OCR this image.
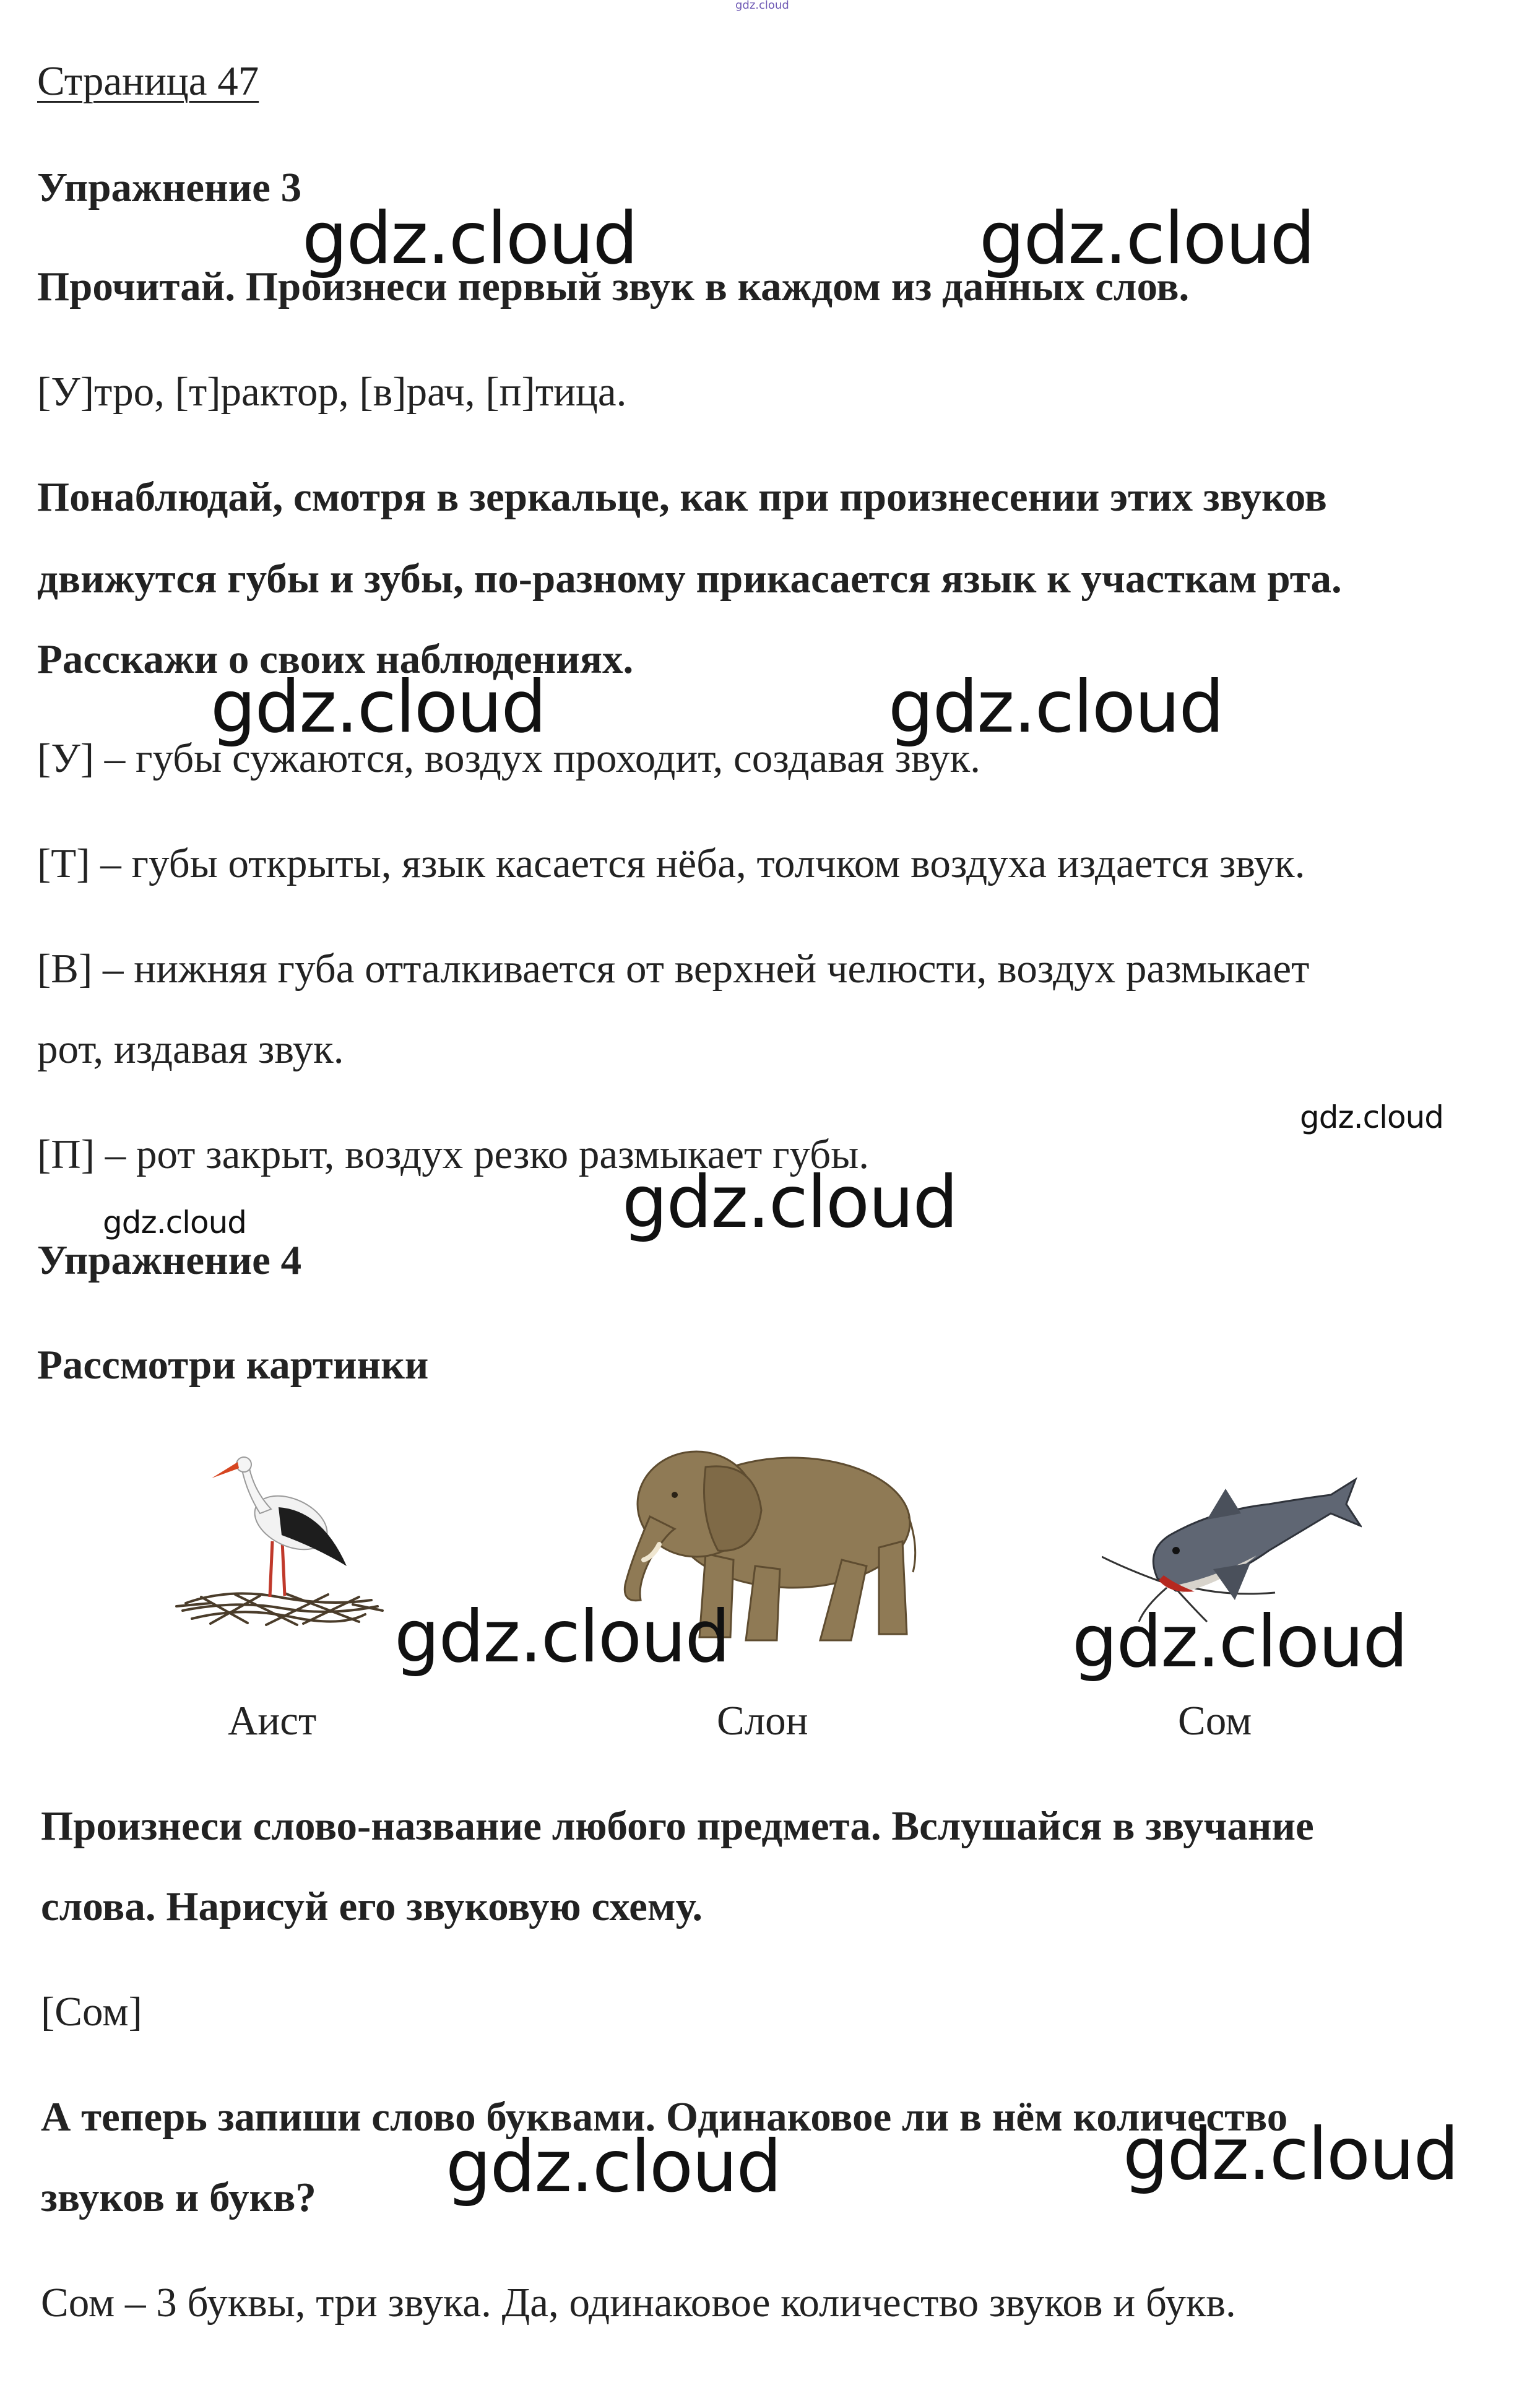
gdz.cloud
Страница 47
Упражнение 3
Прочитай. Произнеси первый звук в каждом из данных слов.
[У]тро, [т]рактор, [в]рач, [п]тица.
Понаблюдай, смотря в зеркальце, как при произнесении этих звуков
движутся губы и зубы, по-разному прикасается язык к участкам рта.
Расскажи о своих наблюдениях.
[У] – губы сужаются, воздух проходит, создавая звук.
[Т] – губы открыты, язык касается нёба, толчком воздуха издается звук.
[В] – нижняя губа отталкивается от верхней челюсти, воздух размыкает
рот, издавая звук.
[П] – рот закрыт, воздух резко размыкает губы.
Упражнение 4
Рассмотри картинки
Аист	Слон	Сом
Произнеси слово-название любого предмета. Вслушайся в звучание
слова. Нарисуй его звуковую схему.
[Сом]
А теперь запиши слово буквами. Одинаковое ли в нём количество
звуков и букв?
Сом – 3 буквы, три звука. Да, одинаковое количество звуков и букв.
gdz.cloud	gdz.cloud
gdz.cloud	gdz.cloud
gdz.cloud
gdz.cloud
gdz.cloud
gdz.cloud	gdz.cloud
gdz.cloud	gdz.cloud
